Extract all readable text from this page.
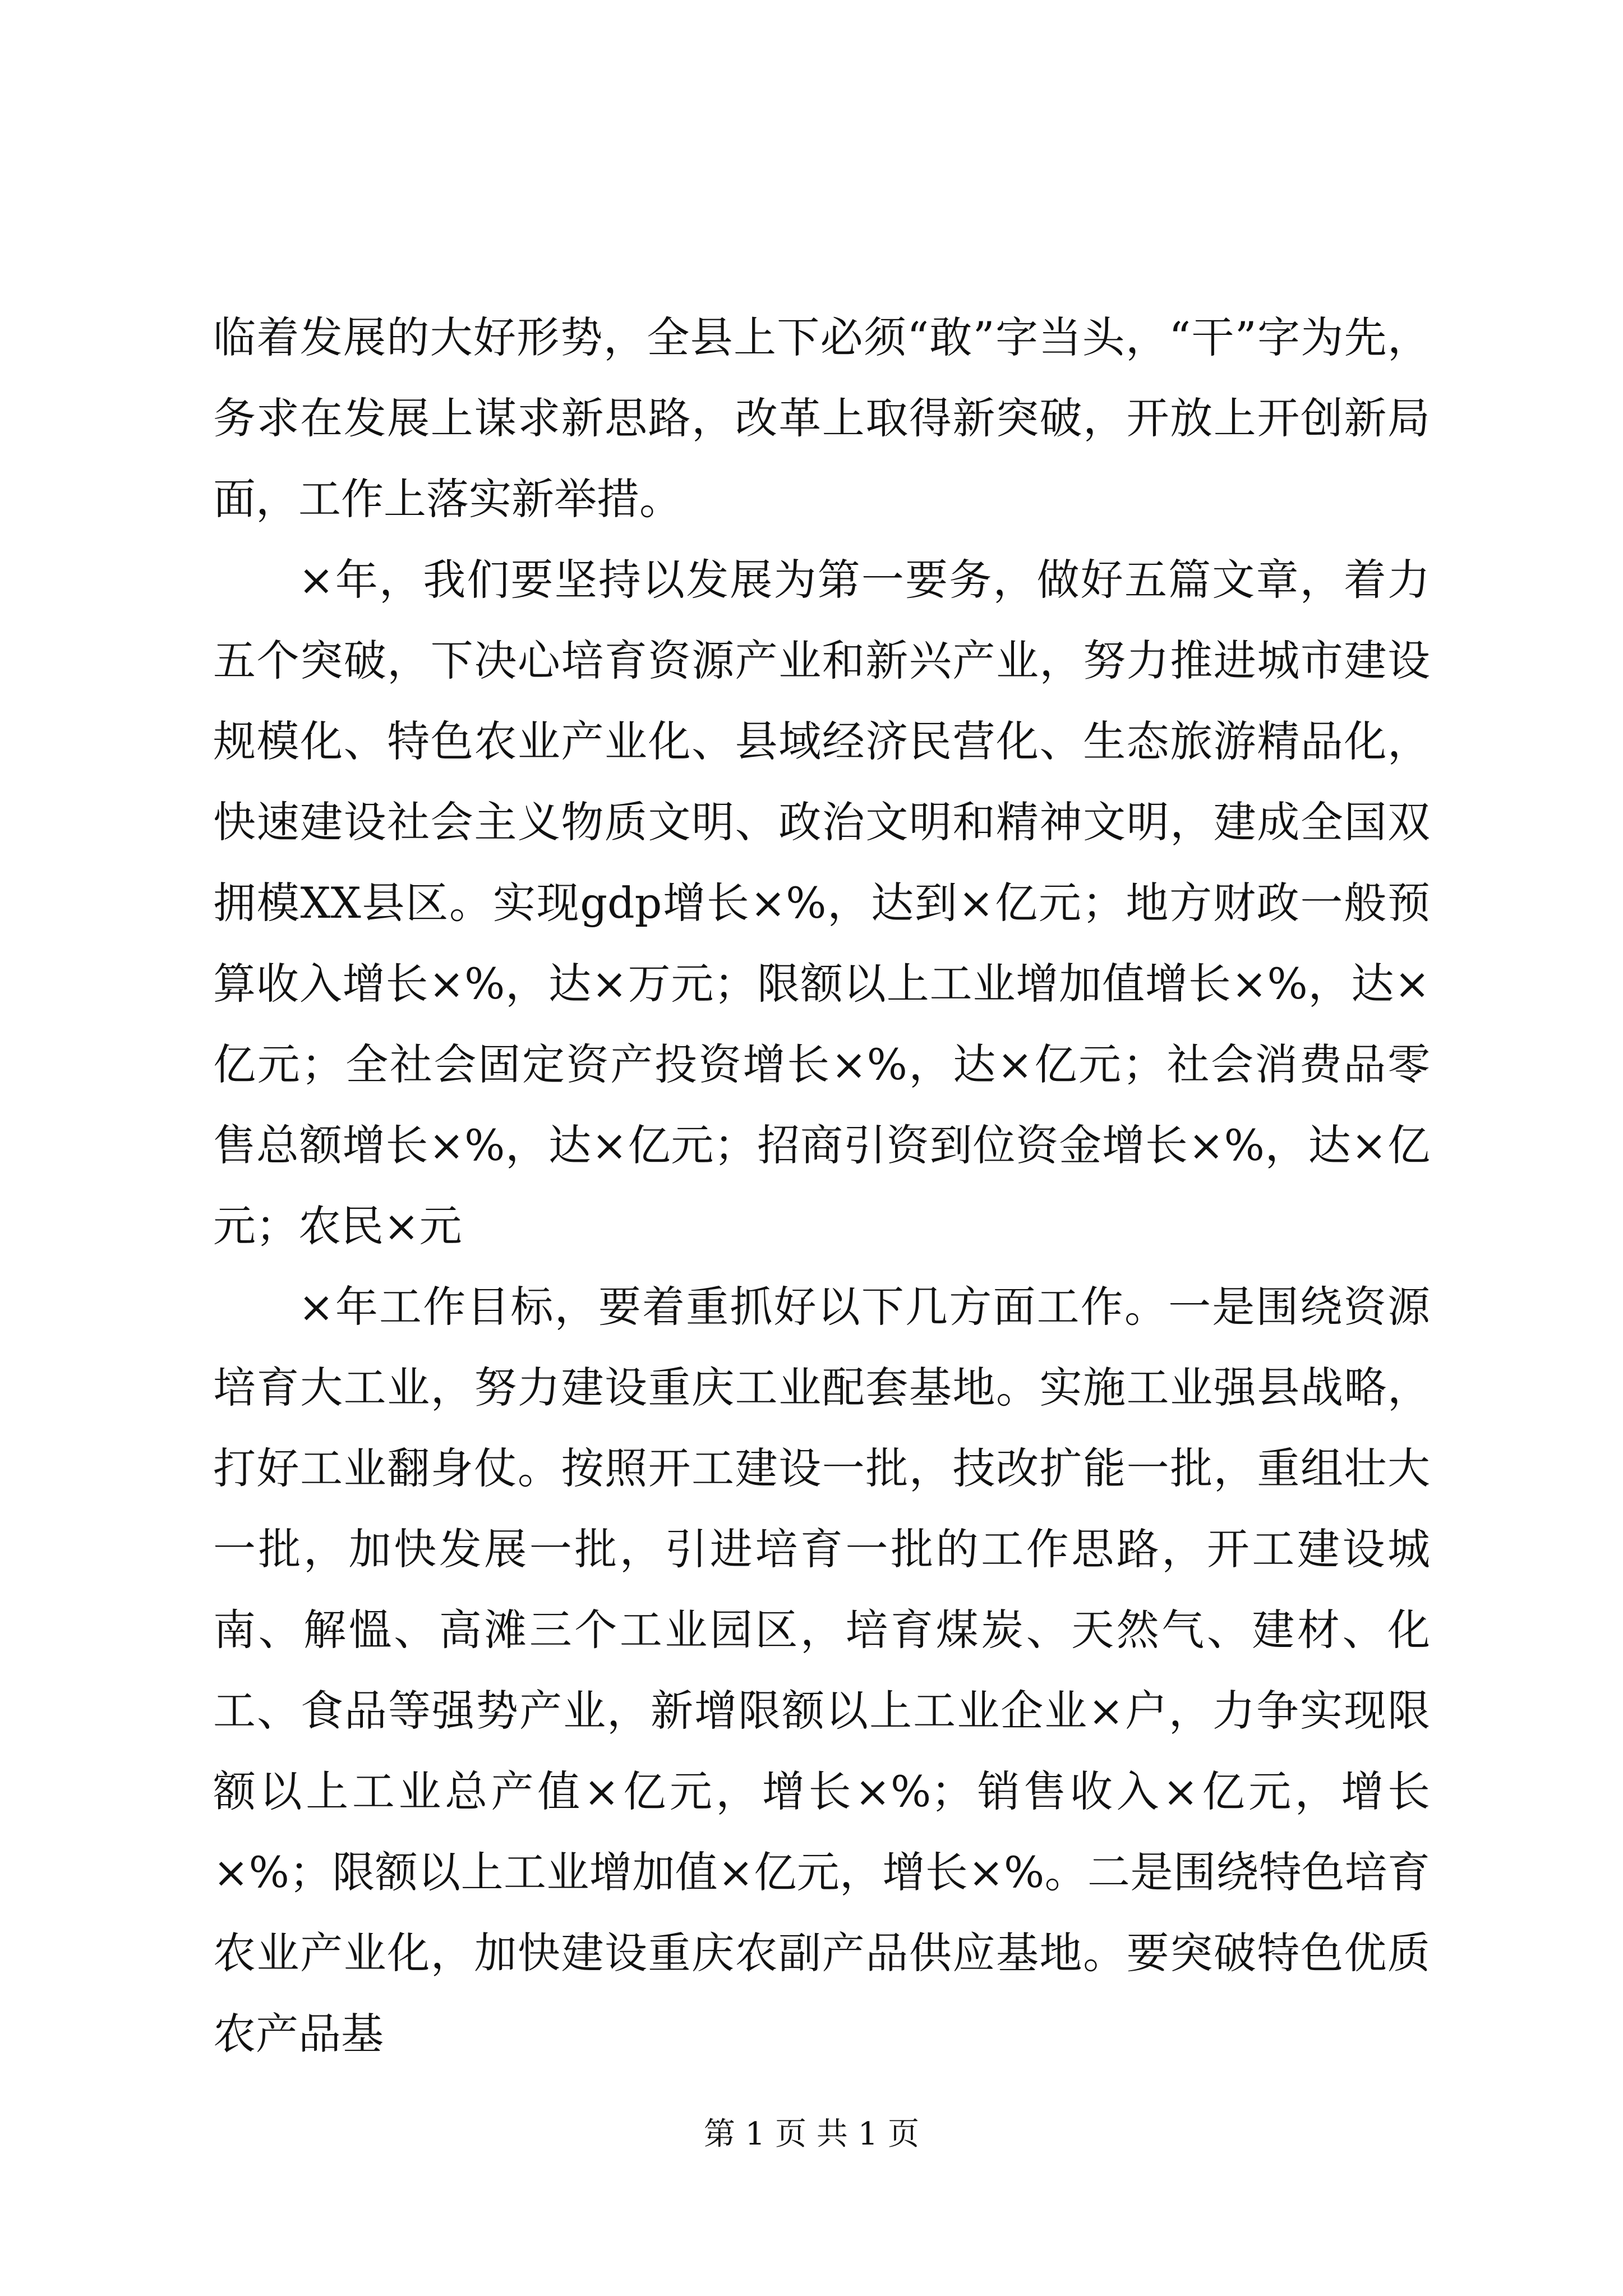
临着发展的大好形势，全县上下必须“敢”字当头，“干”字为先，务求在发展上谋求新思路，改革上取得新突破，开放上开创新局面，工作上落实新举措。

×年，我们要坚持以发展为第一要务，做好五篇文章，着力五个突破，下决心培育资源产业和新兴产业，努力推进城市建设规模化、特色农业产业化、县域经济民营化、生态旅游精品化，快速建设社会主义物质文明、政治文明和精神文明，建成全国双拥模XX县区。实现gdp增长×%，达到×亿元；地方财政一般预算收入增长×%，达×万元；限额以上工业增加值增长×%，达×亿元；全社会固定资产投资增长×%，达×亿元；社会消费品零售总额增长×%，达×亿元；招商引资到位资金增长×%，达×亿元；农民×元

×年工作目标，要着重抓好以下几方面工作。一是围绕资源培育大工业，努力建设重庆工业配套基地。实施工业强县战略，打好工业翻身仗。按照开工建设一批，技改扩能一批，重组壮大一批，加快发展一批，引进培育一批的工作思路，开工建设城南、解慍、高滩三个工业园区，培育煤炭、天然气、建材、化工、食品等强势产业，新增限额以上工业企业×户，力争实现限额以上工业总产值×亿元，增长×%；销售收入×亿元，增长×%；限额以上工业增加值×亿元，增长×%。二是围绕特色培育农业产业化，加快建设重庆农副产品供应基地。要突破特色优质农产品基

第 1 页 共 1 页
